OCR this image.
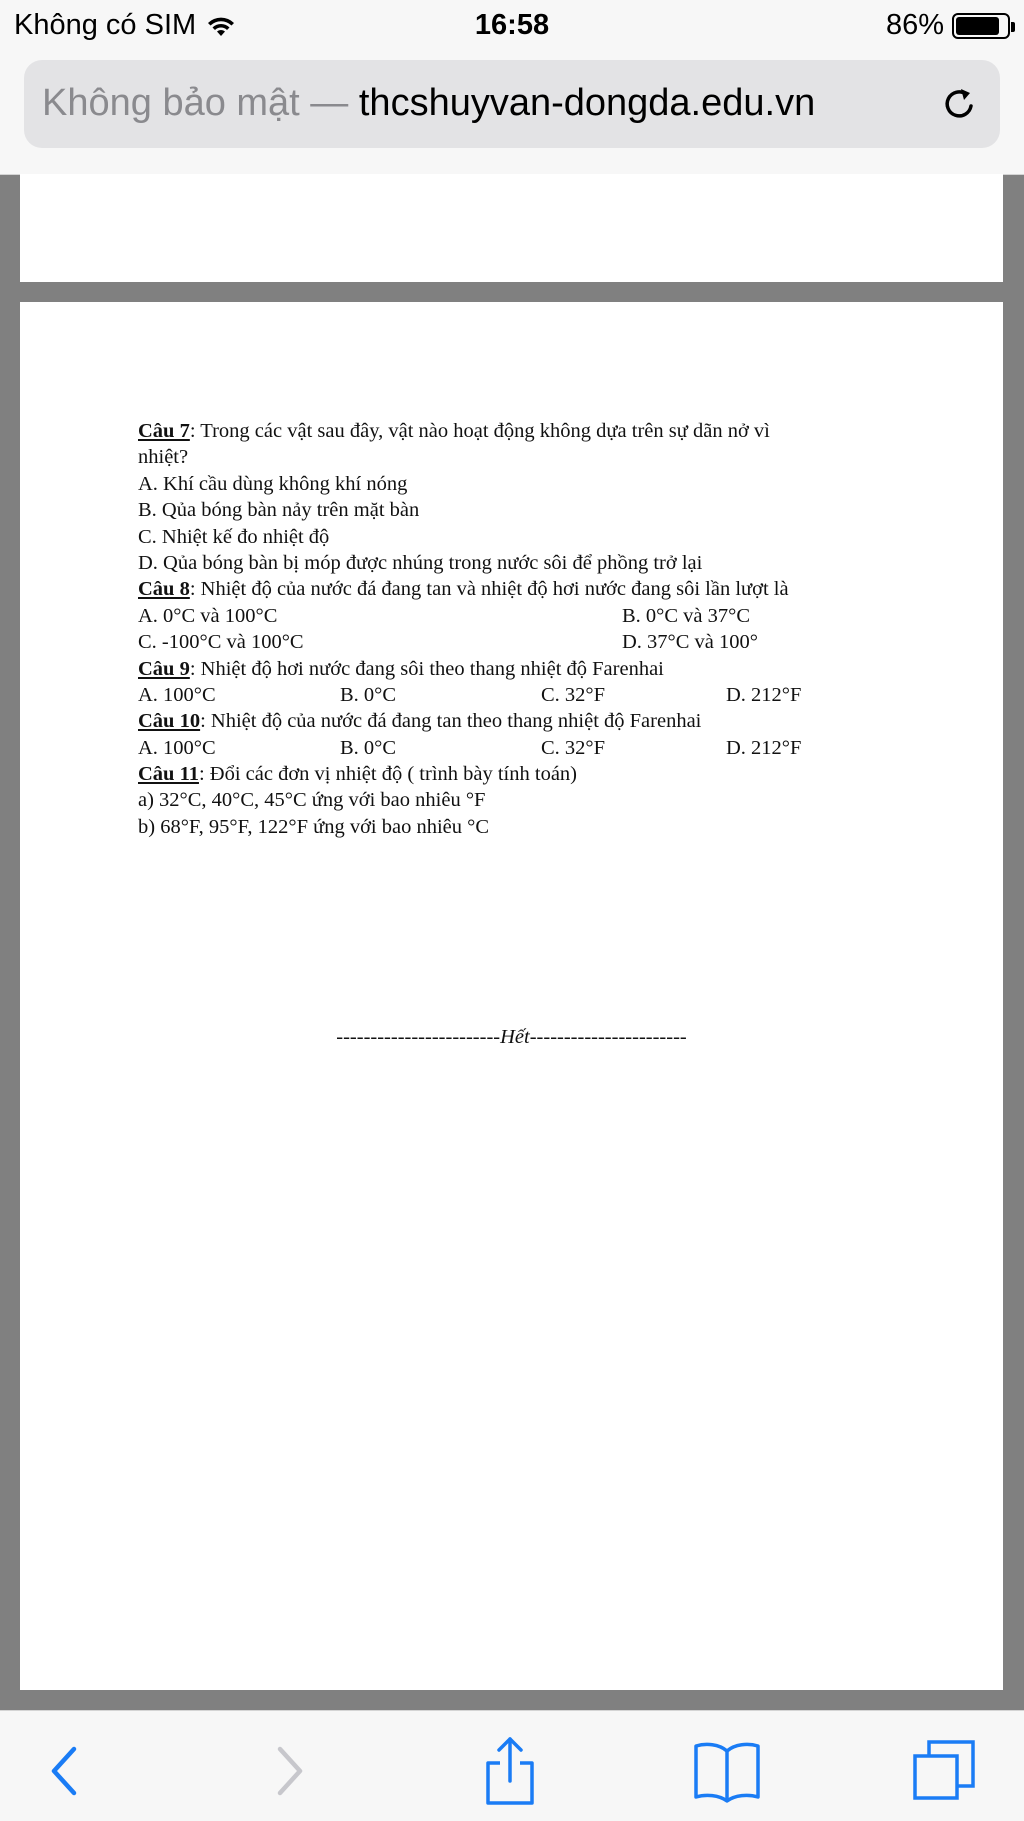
Không có SIM	16:58	86%
Không bảo mật — thcshuyvan-dongda.edu.vn
Câu 7: Trong các vật sau đây, vật nào hoạt động không dựa trên sự dãn nở vì
nhiệt?
A. Khí cầu dùng không khí nóng
B. Qủa bóng bàn nảy trên mặt bàn
C. Nhiệt kế đo nhiệt độ
D. Qủa bóng bàn bị móp được nhúng trong nước sôi để phồng trở lại
Câu 8: Nhiệt độ của nước đá đang tan và nhiệt độ hơi nước đang sôi lần lượt là
A. 0°C và 100°C	B. 0°C và 37°C
C. -100°C và 100°C	D. 37°C và 100°
Câu 9: Nhiệt độ hơi nước đang sôi theo thang nhiệt độ Farenhai
A. 100°C	B. 0°C	C. 32°F	D. 212°F
Câu 10: Nhiệt độ của nước đá đang tan theo thang nhiệt độ Farenhai
A. 100°C	B. 0°C	C. 32°F	D. 212°F
Câu 11: Đổi các đơn vị nhiệt độ ( trình bày tính toán)
a) 32°C, 40°C, 45°C ứng với bao nhiêu °F
b) 68°F, 95°F, 122°F ứng với bao nhiêu °C
------------------------Hết-----------------------
